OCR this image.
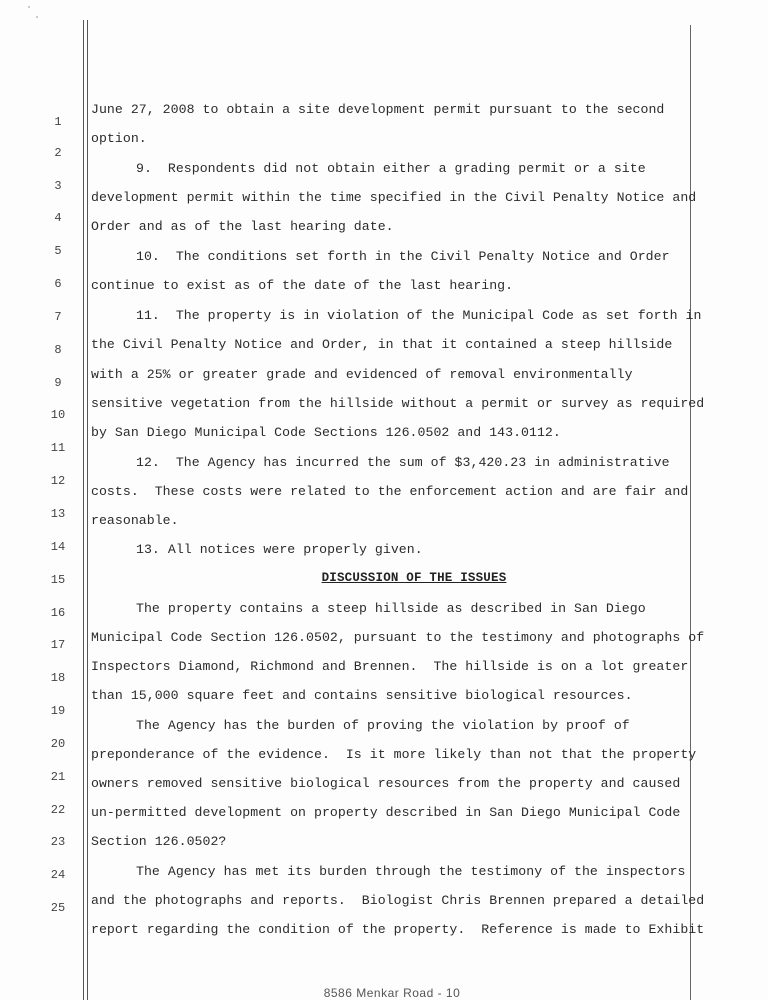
1
2
3
4
5
6
7
8
9
10
11
12
13
14
15
16
17
18
19
20
21
22
23
24
25
June 27, 2008 to obtain a site development permit pursuant to the second
option.
9.  Respondents did not obtain either a grading permit or a site
development permit within the time specified in the Civil Penalty Notice and
Order and as of the last hearing date.
10.  The conditions set forth in the Civil Penalty Notice and Order
continue to exist as of the date of the last hearing.
11.  The property is in violation of the Municipal Code as set forth in
the Civil Penalty Notice and Order, in that it contained a steep hillside
with a 25% or greater grade and evidenced of removal environmentally
sensitive vegetation from the hillside without a permit or survey as required
by San Diego Municipal Code Sections 126.0502 and 143.0112.
12.  The Agency has incurred the sum of $3,420.23 in administrative
costs.  These costs were related to the enforcement action and are fair and
reasonable.
13. All notices were properly given.
DISCUSSION OF THE ISSUES
The property contains a steep hillside as described in San Diego
Municipal Code Section 126.0502, pursuant to the testimony and photographs of
Inspectors Diamond, Richmond and Brennen.  The hillside is on a lot greater
than 15,000 square feet and contains sensitive biological resources.
The Agency has the burden of proving the violation by proof of
preponderance of the evidence.  Is it more likely than not that the property
owners removed sensitive biological resources from the property and caused
un-permitted development on property described in San Diego Municipal Code
Section 126.0502?
The Agency has met its burden through the testimony of the inspectors
and the photographs and reports.  Biologist Chris Brennen prepared a detailed
report regarding the condition of the property.  Reference is made to Exhibit
8586 Menkar Road - 10
